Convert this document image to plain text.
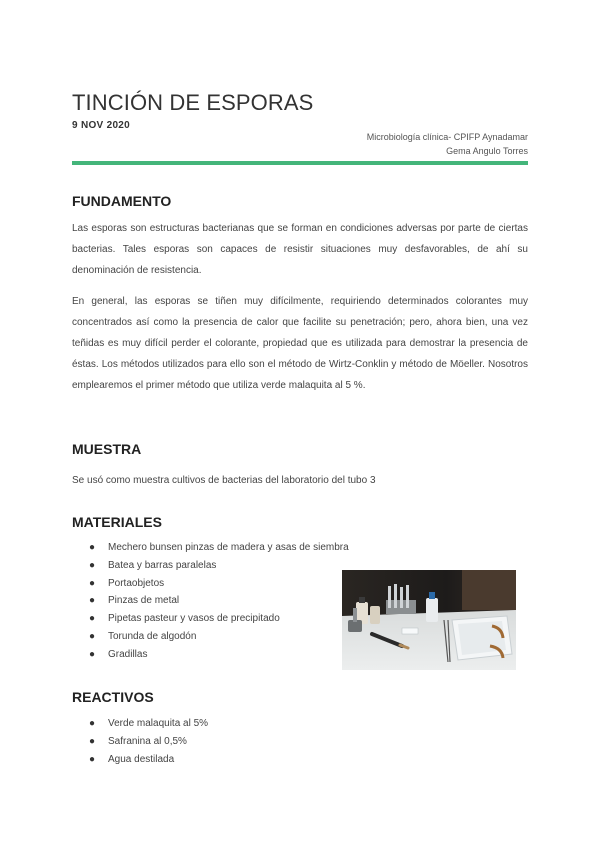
TINCIÓN DE ESPORAS
9 NOV 2020
Microbiología clínica- CPIFP Aynadamar
Gema Angulo Torres
FUNDAMENTO

Las esporas son estructuras bacterianas que se forman en condiciones adversas por parte de ciertas bacterias. Tales esporas son capaces de resistir situaciones muy desfavorables, de ahí su denominación de resistencia.

En general, las esporas se tiñen muy difícilmente, requiriendo determinados colorantes muy concentrados así como la presencia de calor que facilite su penetración; pero, ahora bien, una vez teñidas es muy difícil perder el colorante, propiedad que es utilizada para demostrar la presencia de éstas. Los métodos utilizados para ello son el método de Wirtz-Conklin y método de Möeller. Nosotros emplearemos el primer método que utiliza verde malaquita al 5 %.

MUESTRA

Se usó como muestra cultivos de bacterias del laboratorio del tubo 3

MATERIALES
● Mechero bunsen pinzas de madera y asas de siembra
● Batea y barras paralelas
● Portaobjetos
● Pinzas de metal
● Pipetas pasteur y vasos de precipitado
● Torunda de algodón
● Gradillas
REACTIVOS
● Verde malaquita al 5%
● Safranina al 0,5%
● Agua destilada
